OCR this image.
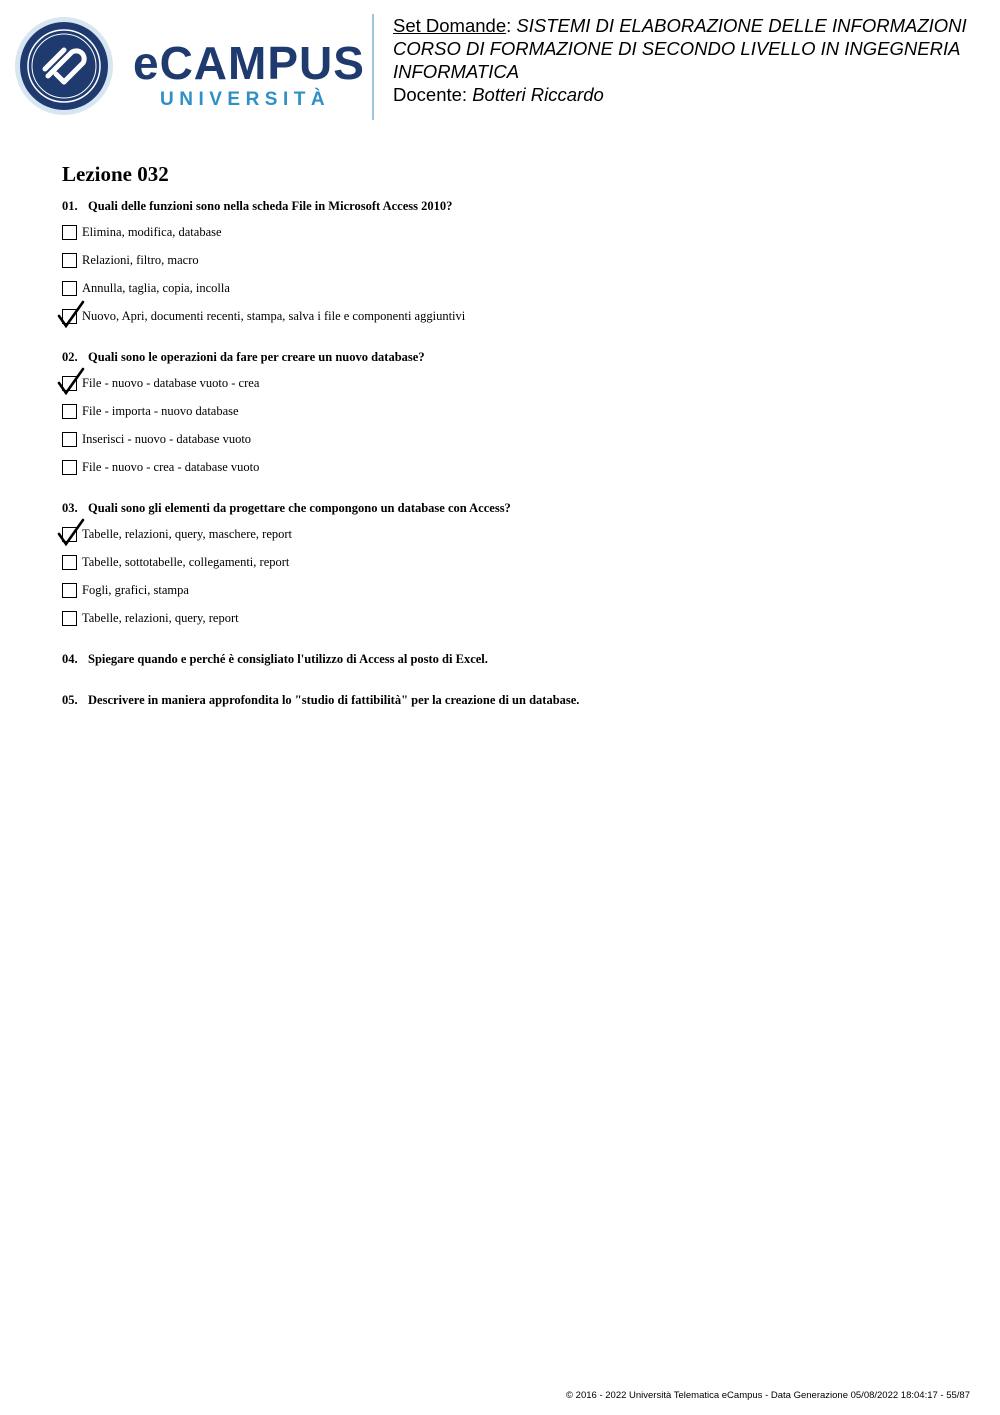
eCAMPUS
UNIVERSITÀ
Set Domande: SISTEMI DI ELABORAZIONE DELLE INFORMAZIONI
CORSO DI FORMAZIONE DI SECONDO LIVELLO IN INGEGNERIA INFORMATICA
Docente: Botteri Riccardo
Lezione 032
01. Quali delle funzioni sono nella scheda File in Microsoft Access 2010?
Elimina, modifica, database
Relazioni, filtro, macro
Annulla, taglia, copia, incolla
Nuovo, Apri, documenti recenti, stampa, salva i file e componenti aggiuntivi
02. Quali sono le operazioni da fare per creare un nuovo database?
File - nuovo - database vuoto - crea
File - importa - nuovo database
Inserisci - nuovo - database vuoto
File - nuovo - crea - database vuoto
03. Quali sono gli elementi da progettare che compongono un database con Access?
Tabelle, relazioni, query, maschere, report
Tabelle, sottotabelle, collegamenti, report
Fogli, grafici, stampa
Tabelle, relazioni, query, report
04. Spiegare quando e perché è consigliato l'utilizzo di Access al posto di Excel.
05. Descrivere in maniera approfondita lo "studio di fattibilità" per la creazione di un database.
© 2016 - 2022 Università Telematica eCampus - Data Generazione 05/08/2022 18:04:17 - 55/87
